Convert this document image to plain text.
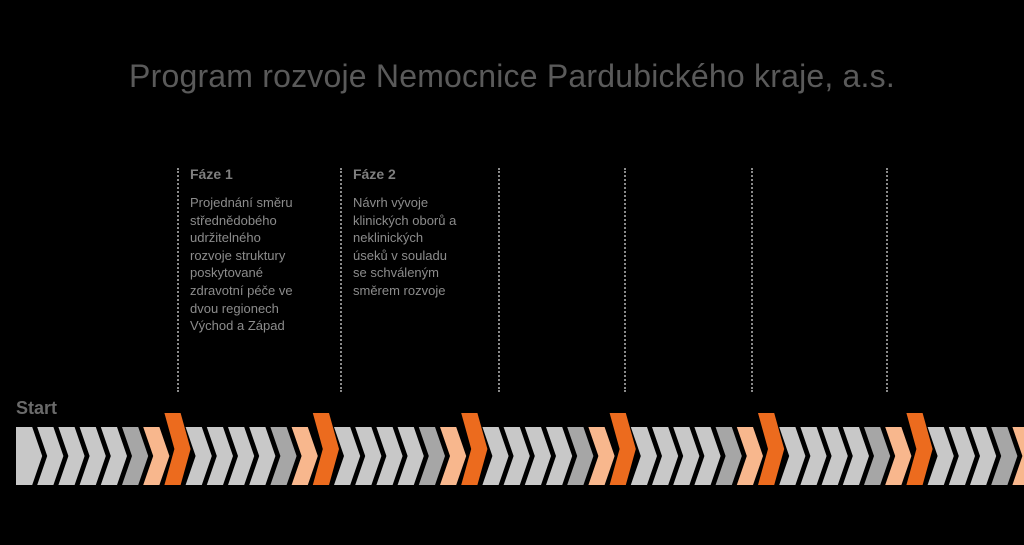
Program rozvoje Nemocnice Pardubického kraje, a.s.
Fáze 1
Projednání směru
střednědobého
udržitelného
rozvoje struktury
poskytované
zdravotní péče ve
dvou regionech
Východ a Západ
Fáze 2
Návrh vývoje
klinických oborů a
neklinických
úseků v souladu
se schváleným
směrem rozvoje
Start
